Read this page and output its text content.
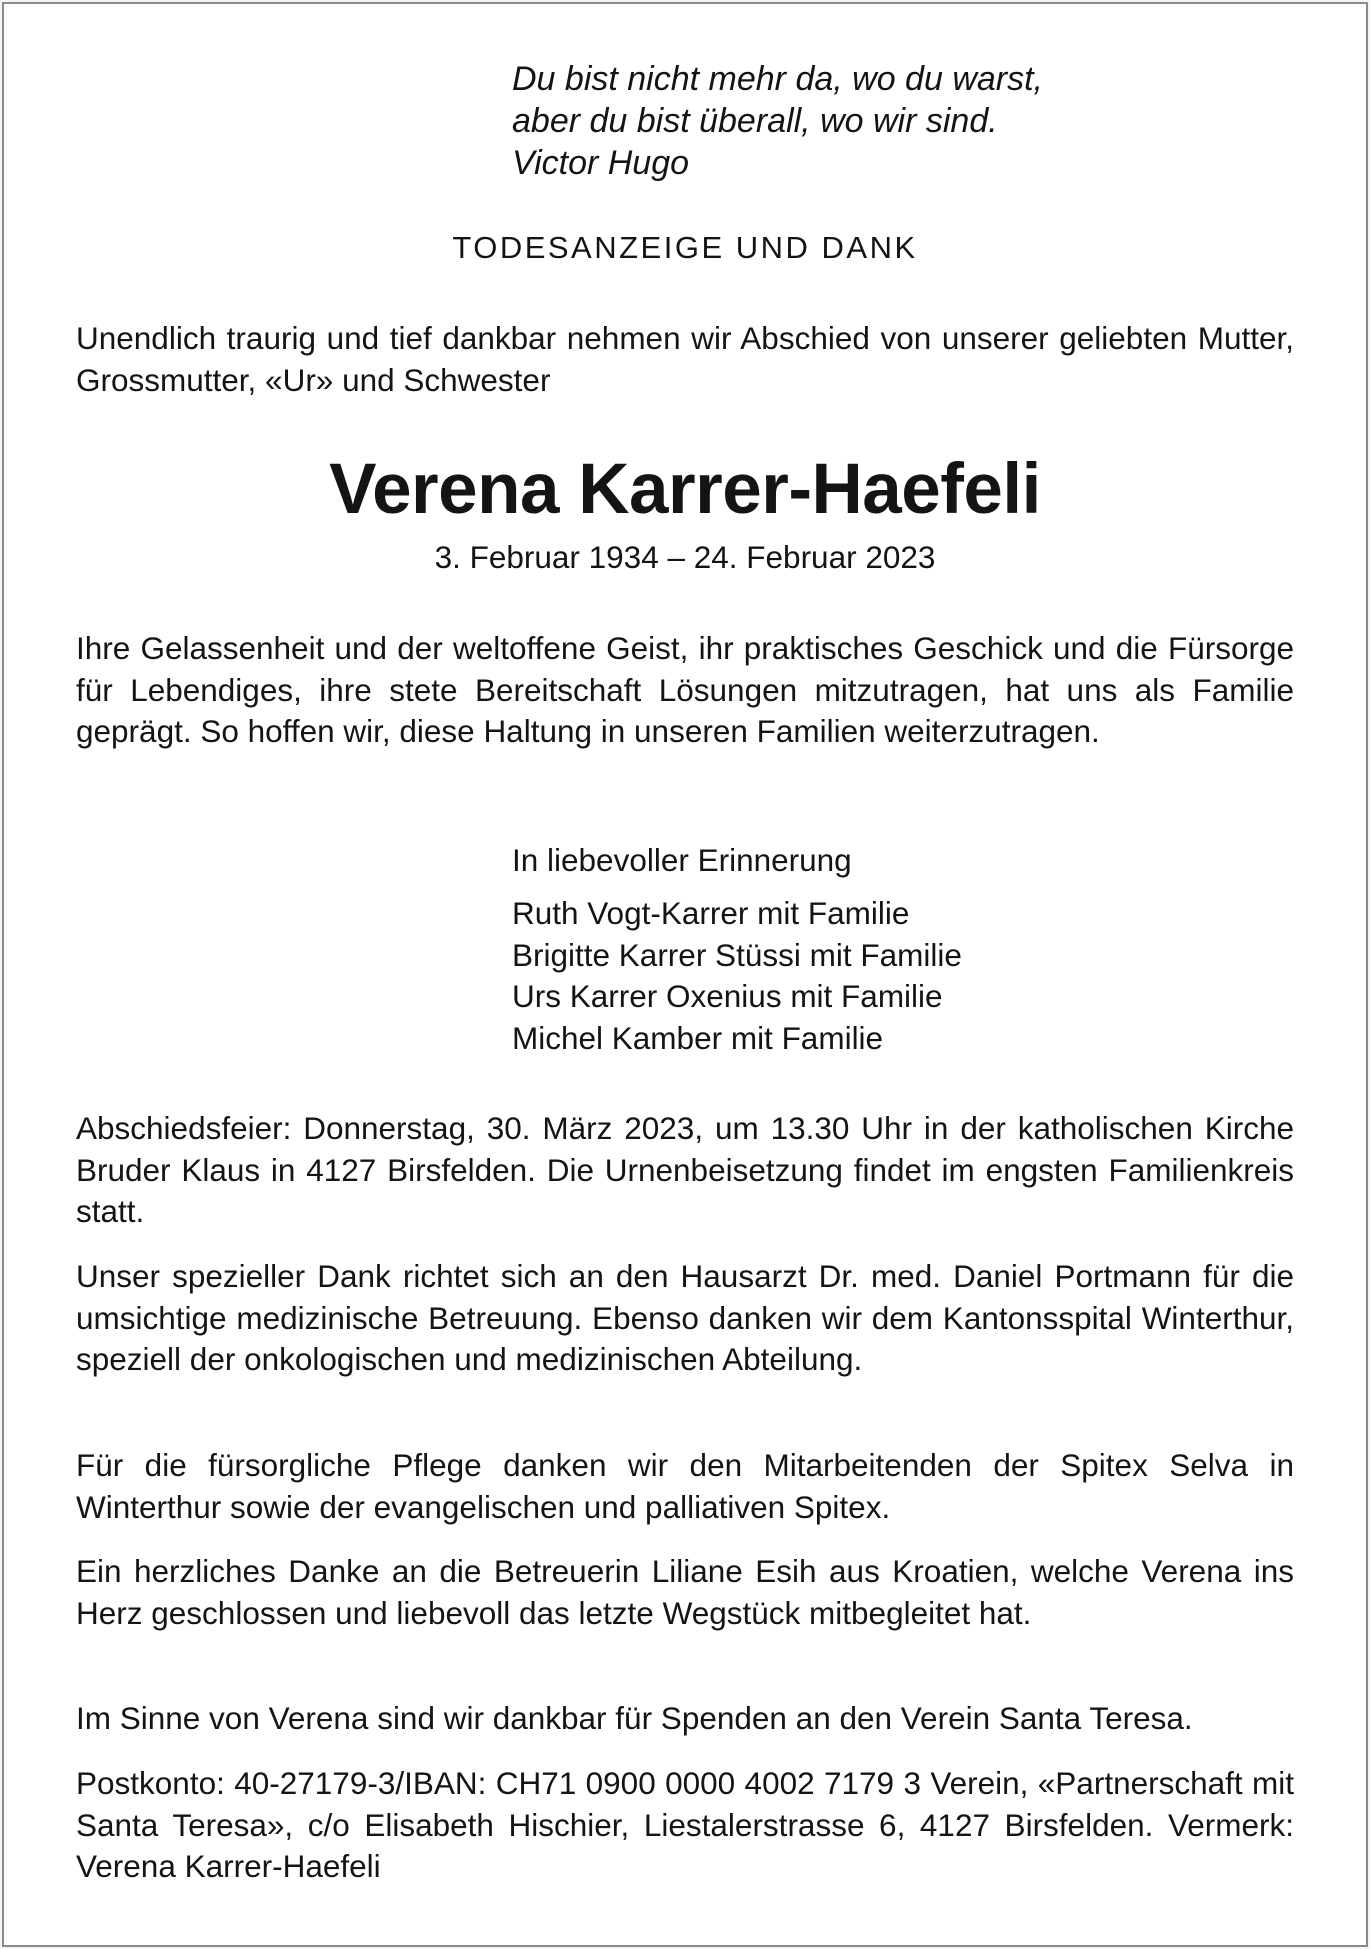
Du bist nicht mehr da, wo du warst,
aber du bist überall, wo wir sind.
Victor Hugo
TODESANZEIGE UND DANK
Unendlich traurig und tief dankbar nehmen wir Abschied von unserer geliebten Mutter, Grossmutter, «Ur» und Schwester
Verena Karrer-Haefeli
3. Februar 1934 – 24. Februar 2023
Ihre Gelassenheit und der weltoffene Geist, ihr praktisches Geschick und die Fürsorge für Lebendiges, ihre stete Bereitschaft Lösungen mitzutragen, hat uns als Familie geprägt. So hoffen wir, diese Haltung in unseren Familien weiterzutragen.
In liebevoller Erinnerung
Ruth Vogt-Karrer mit Familie
Brigitte Karrer Stüssi mit Familie
Urs Karrer Oxenius mit Familie
Michel Kamber mit Familie
Abschiedsfeier: Donnerstag, 30. März 2023, um 13.30 Uhr in der katholischen Kirche Bruder Klaus in 4127 Birsfelden. Die Urnenbeisetzung findet im engsten Familienkreis statt.
Unser spezieller Dank richtet sich an den Hausarzt Dr. med. Daniel Portmann für die umsichtige medizinische Betreuung. Ebenso danken wir dem Kantonsspital Winterthur, speziell der onkologischen und medizinischen Abteilung.
Für die fürsorgliche Pflege danken wir den Mitarbeitenden der Spitex Selva in Winterthur sowie der evangelischen und palliativen Spitex.
Ein herzliches Danke an die Betreuerin Liliane Esih aus Kroatien, welche Verena ins Herz geschlossen und liebevoll das letzte Wegstück mitbegleitet hat.
Im Sinne von Verena sind wir dankbar für Spenden an den Verein Santa Teresa.
Postkonto: 40-27179-3/IBAN: CH71 0900 0000 4002 7179 3 Verein, «Partnerschaft mit Santa Teresa», c/o Elisabeth Hischier, Liestalerstrasse 6, 4127 Birsfelden. Vermerk: Verena Karrer-Haefeli
